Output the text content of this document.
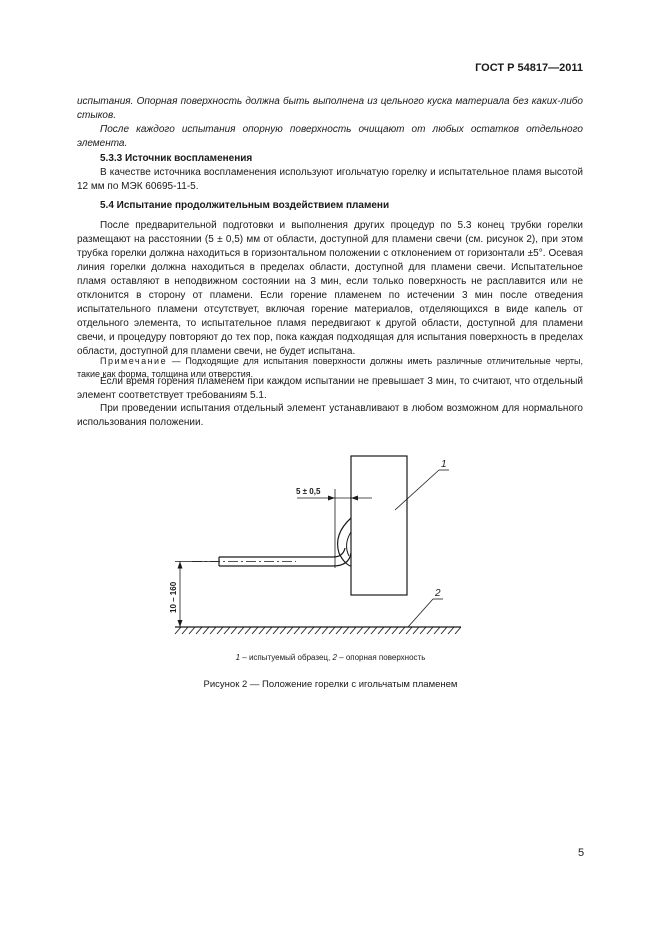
ГОСТ Р 54817—2011
испытания. Опорная поверхность должна быть выполнена из цельного куска материала без каких-либо стыков.
После каждого испытания опорную поверхность очищают от любых остатков отдельного элемента.
5.3.3 Источник воспламенения
В качестве источника воспламенения используют игольчатую горелку и испытательное пламя высотой 12 мм по МЭК 60695-11-5.
5.4 Испытание продолжительным воздействием пламени
После предварительной подготовки и выполнения других процедур по 5.3 конец трубки горелки размещают на расстоянии (5 ± 0,5) мм от области, доступной для пламени свечи (см. рисунок 2), при этом трубка горелки должна находиться в горизонтальном положении с отклонением от горизонтали ±5°. Осевая линия горелки должна находиться в пределах области, доступной для пламени свечи. Испытательное пламя оставляют в неподвижном состоянии на 3 мин, если только поверхность не расплавится или не отклонится в сторону от пламени. Если горение пламенем по истечении 3 мин после отведения испытательного пламени отсутствует, включая горение материалов, отделяющихся в виде капель от отдельного элемента, то испытательное пламя передвигают к другой области, доступной для пламени свечи, и процедуру повторяют до тех пор, пока каждая подходящая для испытания поверхность в пределах области, доступной для пламени свечи, не будет испытана.
Примечание — Подходящие для испытания поверхности должны иметь различные отличительные черты, такие как форма, толщина или отверстия.
Если время горения пламенем при каждом испытании не превышает 3 мин, то считают, что отдельный элемент соответствует требованиям 5.1.
При проведении испытания отдельный элемент устанавливают в любом возможном для нормального использования положении.
5 ± 0,5
1
10 – 160	2
1 – испытуемый образец, 2 – опорная поверхность
Рисунок 2 — Положение горелки с игольчатым пламенем
5
